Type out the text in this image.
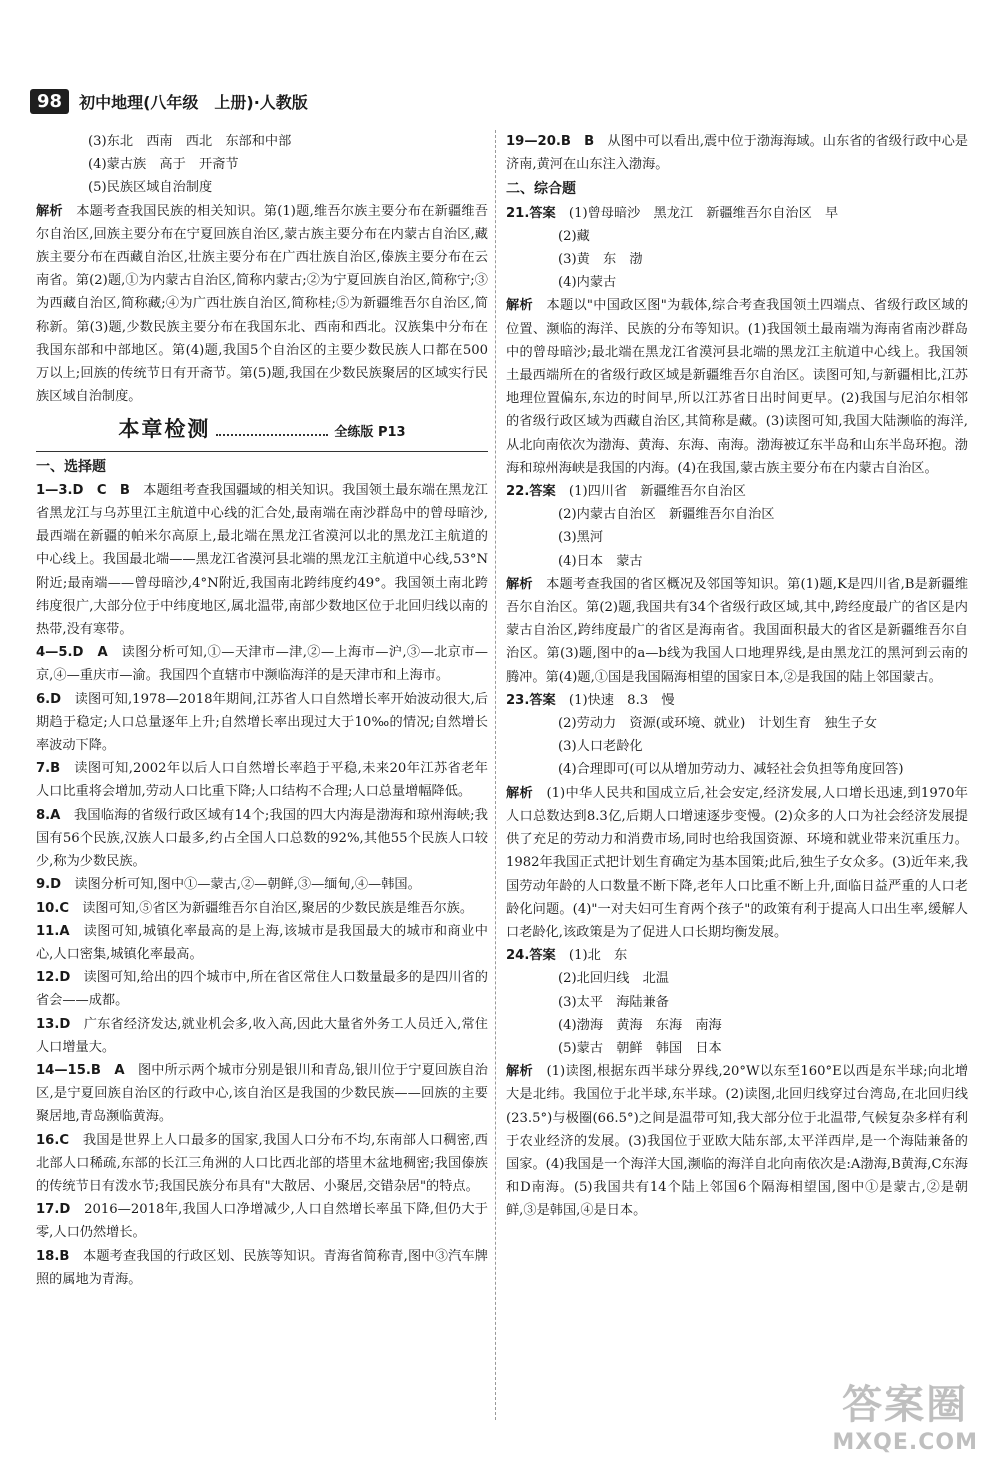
98	初中地理(八年级　上册)·人教版
(3)东北　西南　西北　东部和中部
(4)蒙古族　高于　开斋节
(5)民族区域自治制度
解析　本题考查我国民族的相关知识。第(1)题,维吾尔族主要分布在新疆维吾尔自治区,回族主要分布在宁夏回族自治区,蒙古族主要分布在内蒙古自治区,藏族主要分布在西藏自治区,壮族主要分布在广西壮族自治区,傣族主要分布在云南省。第(2)题,①为内蒙古自治区,简称内蒙古;②为宁夏回族自治区,简称宁;③为西藏自治区,简称藏;④为广西壮族自治区,简称桂;⑤为新疆维吾尔自治区,简称新。第(3)题,少数民族主要分布在我国东北、西南和西北。汉族集中分布在我国东部和中部地区。第(4)题,我国5个自治区的主要少数民族人口都在500万以上;回族的传统节日有开斋节。第(5)题,我国在少数民族聚居的区域实行民族区域自治制度。
本章检测	全练版 P13
一、选择题
1—3.D　C　B　本题组考查我国疆域的相关知识。我国领土最东端在黑龙江省黑龙江与乌苏里江主航道中心线的汇合处,最南端在南沙群岛中的曾母暗沙,最西端在新疆的帕米尔高原上,最北端在黑龙江省漠河以北的黑龙江主航道的中心线上。我国最北端——黑龙江省漠河县北端的黑龙江主航道中心线,53°N附近;最南端——曾母暗沙,4°N附近,我国南北跨纬度约49°。我国领土南北跨纬度很广,大部分位于中纬度地区,属北温带,南部少数地区位于北回归线以南的热带,没有寒带。
4—5.D　A　读图分析可知,①—天津市—津,②—上海市—沪,③—北京市—京,④—重庆市—渝。我国四个直辖市中濒临海洋的是天津市和上海市。
6.D　读图可知,1978—2018年期间,江苏省人口自然增长率开始波动很大,后期趋于稳定;人口总量逐年上升;自然增长率出现过大于10‰的情况;自然增长率波动下降。
7.B　读图可知,2002年以后人口自然增长率趋于平稳,未来20年江苏省老年人口比重将会增加,劳动人口比重下降;人口结构不合理;人口总量增幅降低。
8.A　我国临海的省级行政区域有14个;我国的四大内海是渤海和琼州海峡;我国有56个民族,汉族人口最多,约占全国人口总数的92%,其他55个民族人口较少,称为少数民族。
9.D　读图分析可知,图中①—蒙古,②—朝鲜,③—缅甸,④—韩国。
10.C　读图可知,⑤省区为新疆维吾尔自治区,聚居的少数民族是维吾尔族。
11.A　读图可知,城镇化率最高的是上海,该城市是我国最大的城市和商业中心,人口密集,城镇化率最高。
12.D　读图可知,给出的四个城市中,所在省区常住人口数量最多的是四川省的省会——成都。
13.D　广东省经济发达,就业机会多,收入高,因此大量省外务工人员迁入,常住人口增量大。
14—15.B　A　图中所示两个城市分别是银川和青岛,银川位于宁夏回族自治区,是宁夏回族自治区的行政中心,该自治区是我国的少数民族——回族的主要聚居地,青岛濒临黄海。
16.C　我国是世界上人口最多的国家,我国人口分布不均,东南部人口稠密,西北部人口稀疏,东部的长江三角洲的人口比西北部的塔里木盆地稠密;我国傣族的传统节日有泼水节;我国民族分布具有"大散居、小聚居,交错杂居"的特点。
17.D　2016—2018年,我国人口净增减少,人口自然增长率虽下降,但仍大于零,人口仍然增长。
18.B　本题考查我国的行政区划、民族等知识。青海省简称青,图中③汽车牌照的属地为青海。
19—20.B　B　从图中可以看出,震中位于渤海海域。山东省的省级行政中心是济南,黄河在山东注入渤海。
二、综合题
21.答案　(1)曾母暗沙　黑龙江　新疆维吾尔自治区　早
(2)藏
(3)黄　东　渤
(4)内蒙古
解析　本题以"中国政区图"为载体,综合考查我国领土四端点、省级行政区域的位置、濒临的海洋、民族的分布等知识。(1)我国领土最南端为海南省南沙群岛中的曾母暗沙;最北端在黑龙江省漠河县北端的黑龙江主航道中心线上。我国领土最西端所在的省级行政区域是新疆维吾尔自治区。读图可知,与新疆相比,江苏地理位置偏东,东边的时间早,所以江苏省日出时间更早。(2)我国与尼泊尔相邻的省级行政区域为西藏自治区,其简称是藏。(3)读图可知,我国大陆濒临的海洋,从北向南依次为渤海、黄海、东海、南海。渤海被辽东半岛和山东半岛环抱。渤海和琼州海峡是我国的内海。(4)在我国,蒙古族主要分布在内蒙古自治区。
22.答案　(1)四川省　新疆维吾尔自治区
(2)内蒙古自治区　新疆维吾尔自治区
(3)黑河
(4)日本　蒙古
解析　本题考查我国的省区概况及邻国等知识。第(1)题,K是四川省,B是新疆维吾尔自治区。第(2)题,我国共有34个省级行政区域,其中,跨经度最广的省区是内蒙古自治区,跨纬度最广的省区是海南省。我国面积最大的省区是新疆维吾尔自治区。第(3)题,图中的a—b线为我国人口地理界线,是由黑龙江的黑河到云南的腾冲。第(4)题,①国是我国隔海相望的国家日本,②是我国的陆上邻国蒙古。
23.答案　(1)快速　8.3　慢
(2)劳动力　资源(或环境、就业)　计划生育　独生子女
(3)人口老龄化
(4)合理即可(可以从增加劳动力、减轻社会负担等角度回答)
解析　(1)中华人民共和国成立后,社会安定,经济发展,人口增长迅速,到1970年人口总数达到8.3亿,后期人口增速逐步变慢。(2)众多的人口为社会经济发展提供了充足的劳动力和消费市场,同时也给我国资源、环境和就业带来沉重压力。1982年我国正式把计划生育确定为基本国策;此后,独生子女众多。(3)近年来,我国劳动年龄的人口数量不断下降,老年人口比重不断上升,面临日益严重的人口老龄化问题。(4)"一对夫妇可生育两个孩子"的政策有利于提高人口出生率,缓解人口老龄化,该政策是为了促进人口长期均衡发展。
24.答案　(1)北　东
(2)北回归线　北温
(3)太平　海陆兼备
(4)渤海　黄海　东海　南海
(5)蒙古　朝鲜　韩国　日本
解析　(1)读图,根据东西半球分界线,20°W以东至160°E以西是东半球;向北增大是北纬。我国位于北半球,东半球。(2)读图,北回归线穿过台湾岛,在北回归线(23.5°)与极圈(66.5°)之间是温带可知,我大部分位于北温带,气候复杂多样有利于农业经济的发展。(3)我国位于亚欧大陆东部,太平洋西岸,是一个海陆兼备的国家。(4)我国是一个海洋大国,濒临的海洋自北向南依次是:A渤海,B黄海,C东海和D南海。(5)我国共有14个陆上邻国6个隔海相望国,图中①是蒙古,②是朝鲜,③是韩国,④是日本。
答案圈
MXQE.COM
